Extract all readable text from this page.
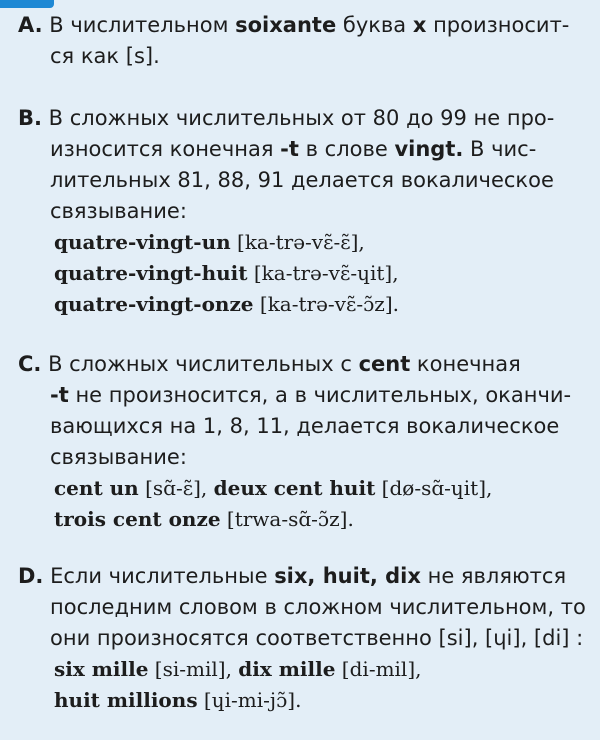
A. В числительном soixante буква x произносит-
ся как [s].
B. В сложных числительных от 80 до 99 не про-
износится конечная -t в слове vingt. В чис-
лительных 81, 88, 91 делается вокалическое
связывание:
quatre-vingt-un [ka-trə-vɛ̃-ɛ̃],
quatre-vingt-huit [ka-trə-vɛ̃-ɥit],
quatre-vingt-onze [ka-trə-vɛ̃-ɔ̃z].
C. В сложных числительных с cent конечная
-t не произносится, а в числительных, оканчи-
вающихся на 1, 8, 11, делается вокалическое
связывание:
cent un [sɑ̃-ɛ̃], deux cent huit [dø-sɑ̃-ɥit],
trois cent onze [trwa-sɑ̃-ɔ̃z].
D. Если числительные six, huit, dix не являются
последним словом в сложном числительном, то
они произносятся соответственно [si], [ɥi], [di] :
six mille [si-mil], dix mille [di-mil],
huit millions [ɥi-mi-jɔ̃].
